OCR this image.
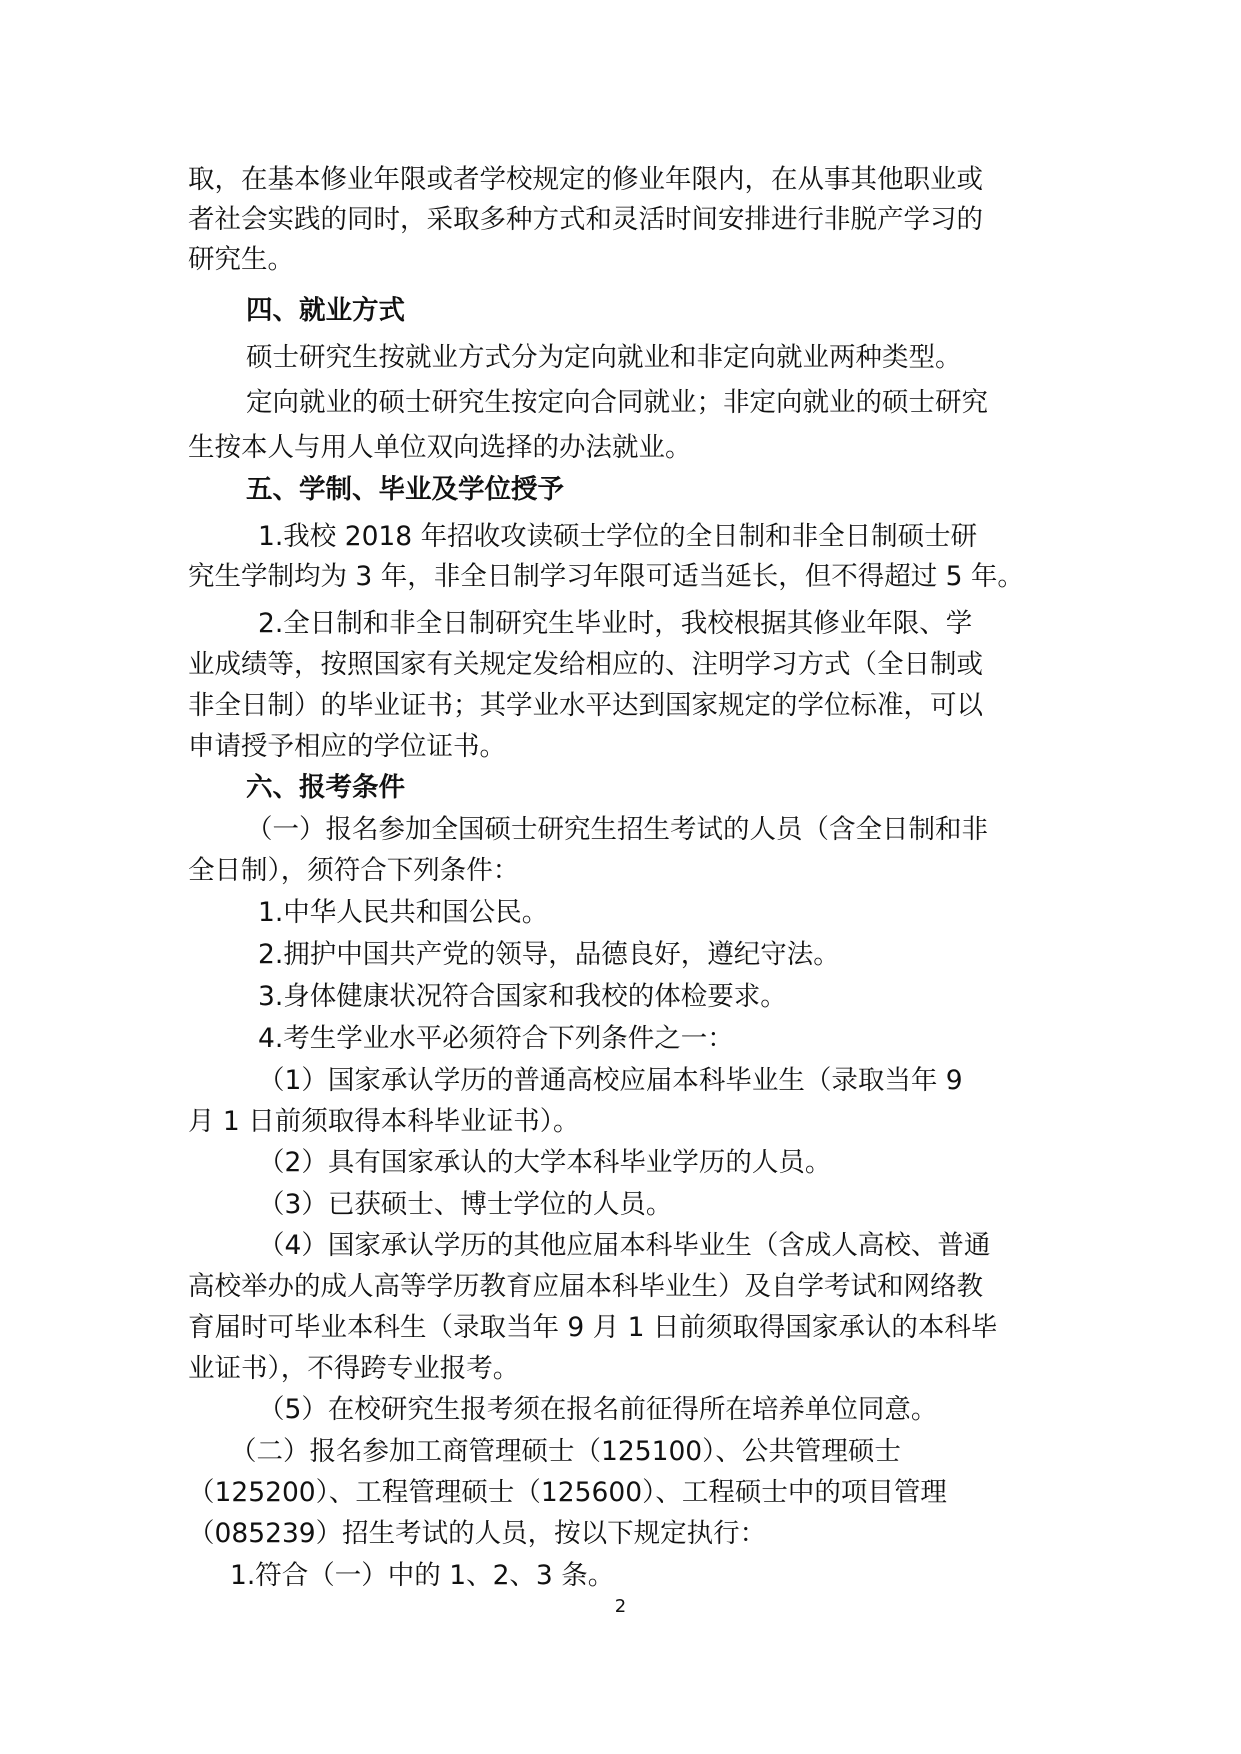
取，在基本修业年限或者学校规定的修业年限内，在从事其他职业或
者社会实践的同时，采取多种方式和灵活时间安排进行非脱产学习的
研究生。
四、就业方式
硕士研究生按就业方式分为定向就业和非定向就业两种类型。
定向就业的硕士研究生按定向合同就业；非定向就业的硕士研究
生按本人与用人单位双向选择的办法就业。
五、学制、毕业及学位授予
1.我校 2018 年招收攻读硕士学位的全日制和非全日制硕士研
究生学制均为 3 年，非全日制学习年限可适当延长，但不得超过 5 年。
2.全日制和非全日制研究生毕业时，我校根据其修业年限、学
业成绩等，按照国家有关规定发给相应的、注明学习方式（全日制或
非全日制）的毕业证书；其学业水平达到国家规定的学位标准，可以
申请授予相应的学位证书。
六、报考条件
（一）报名参加全国硕士研究生招生考试的人员（含全日制和非
全日制），须符合下列条件：
1.中华人民共和国公民。
2.拥护中国共产党的领导，品德良好，遵纪守法。
3.身体健康状况符合国家和我校的体检要求。
4.考生学业水平必须符合下列条件之一：
（1）国家承认学历的普通高校应届本科毕业生（录取当年 9
月 1 日前须取得本科毕业证书）。
（2）具有国家承认的大学本科毕业学历的人员。
（3）已获硕士、博士学位的人员。
（4）国家承认学历的其他应届本科毕业生（含成人高校、普通
高校举办的成人高等学历教育应届本科毕业生）及自学考试和网络教
育届时可毕业本科生（录取当年 9 月 1 日前须取得国家承认的本科毕
业证书），不得跨专业报考。
（5）在校研究生报考须在报名前征得所在培养单位同意。
（二）报名参加工商管理硕士（125100）、公共管理硕士
（125200）、工程管理硕士（125600）、工程硕士中的项目管理
（085239）招生考试的人员，按以下规定执行：
1.符合（一）中的 1、2、3 条。
2
